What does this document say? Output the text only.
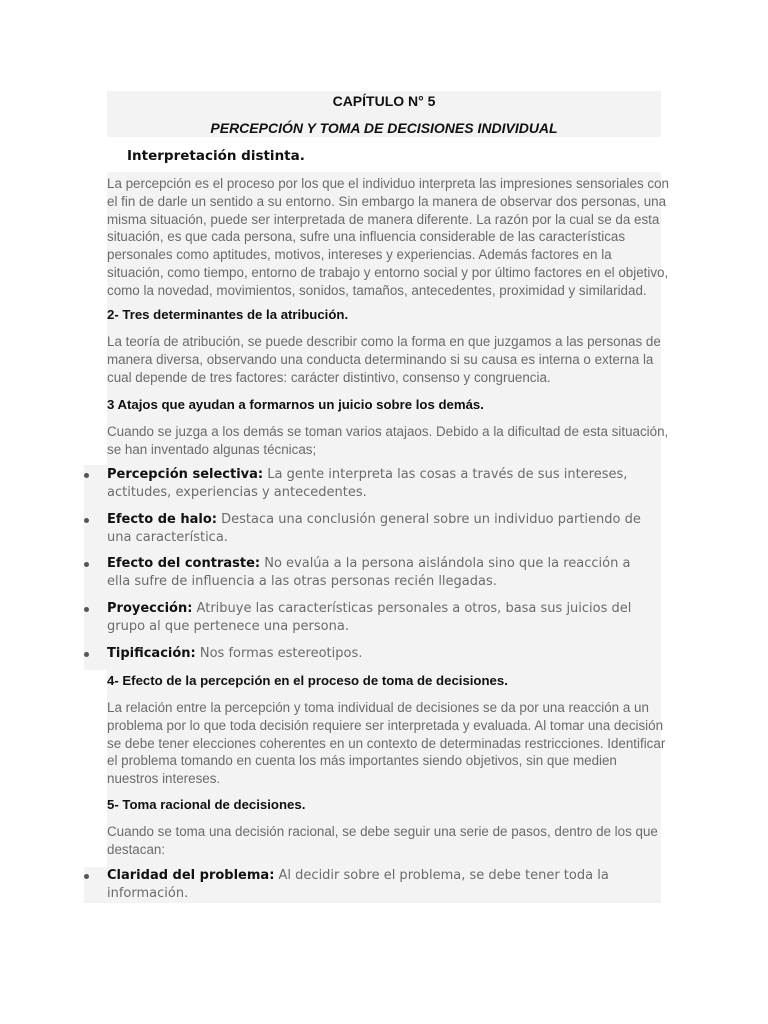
CAPÍTULO N° 5
PERCEPCIÓN Y TOMA DE DECISIONES INDIVIDUAL
Interpretación distinta.
La percepción es el proceso por los que el individuo interpreta las impresiones sensoriales con
el fin de darle un sentido a su entorno. Sin embargo la manera de observar dos personas, una
misma situación, puede ser interpretada de manera diferente. La razón por la cual se da esta
situación, es que cada persona, sufre una influencia considerable de las características
personales como aptitudes, motivos, intereses y experiencias. Además factores en la
situación, como tiempo, entorno de trabajo y entorno social y por último factores en el objetivo,
como la novedad, movimientos, sonidos, tamaños, antecedentes, proximidad y similaridad.
2- Tres determinantes de la atribución.
La teoría de atribución, se puede describir como la forma en que juzgamos a las personas de
manera diversa, observando una conducta determinando si su causa es interna o externa la
cual depende de tres factores: carácter distintivo, consenso y congruencia.
3 Atajos que ayudan a formarnos un juicio sobre los demás.
Cuando se juzga a los demás se toman varios atajaos. Debido a la dificultad de esta situación,
se han inventado algunas técnicas;
Percepción selectiva: La gente interpreta las cosas a través de sus intereses,
actitudes, experiencias y antecedentes.
Efecto de halo: Destaca una conclusión general sobre un individuo partiendo de
una característica.
Efecto del contraste: No evalúa a la persona aislándola sino que la reacción a
ella sufre de influencia a las otras personas recién llegadas.
Proyección: Atribuye las características personales a otros, basa sus juicios del
grupo al que pertenece una persona.
Tipificación: Nos formas estereotipos.
4- Efecto de la percepción en el proceso de toma de decisiones.
La relación entre la percepción y toma individual de decisiones se da por una reacción a un
problema por lo que toda decisión requiere ser interpretada y evaluada. Al tomar una decisión
se debe tener elecciones coherentes en un contexto de determinadas restricciones. Identificar
el problema tomando en cuenta los más importantes siendo objetivos, sin que medien
nuestros intereses.
5- Toma racional de decisiones.
Cuando se toma una decisión racional, se debe seguir una serie de pasos, dentro de los que
destacan:
Claridad del problema: Al decidir sobre el problema, se debe tener toda la
información.
